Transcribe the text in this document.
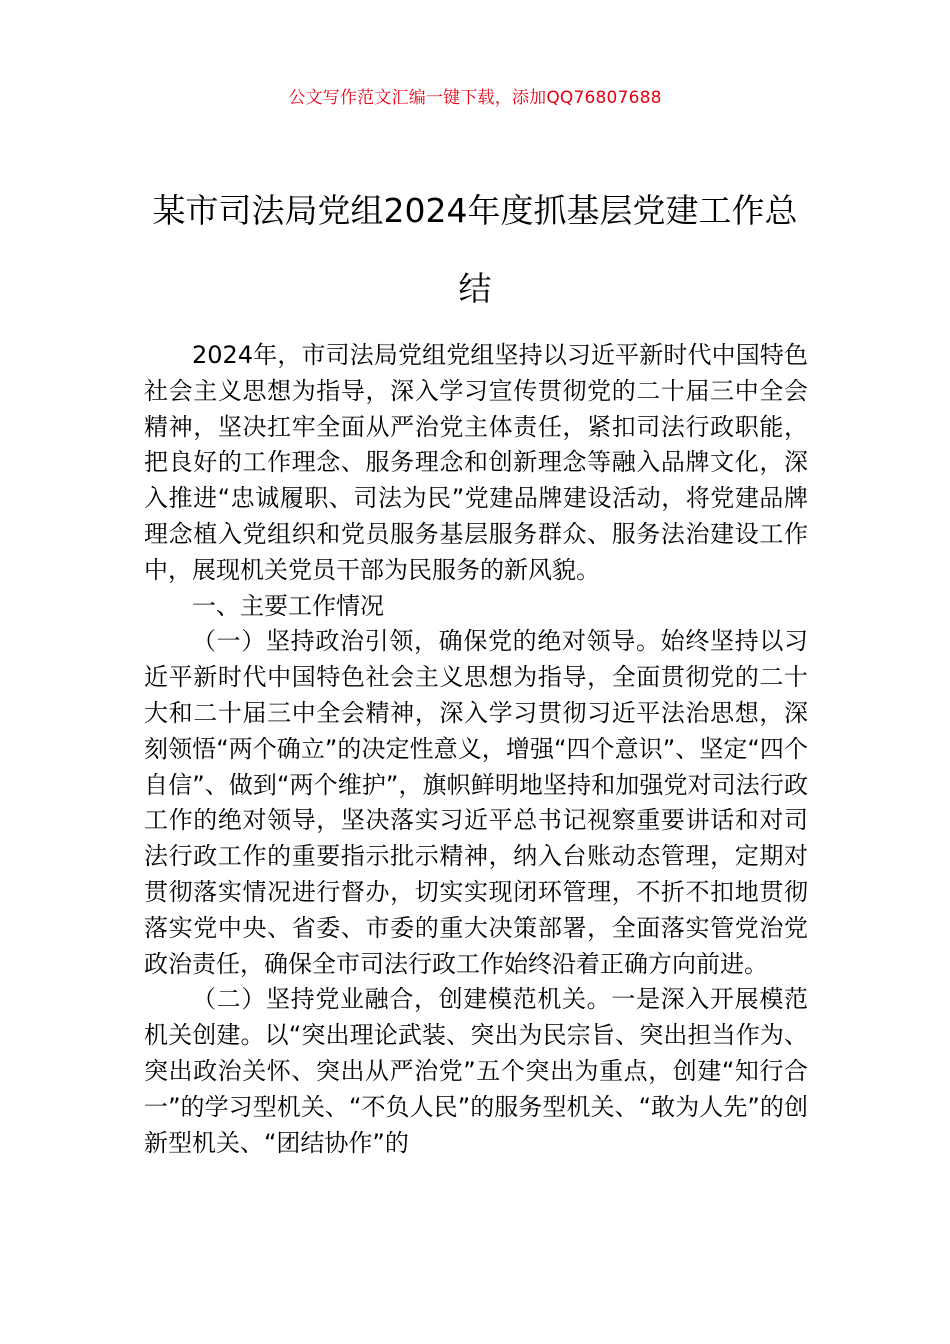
公文写作范文汇编一键下载，添加QQ76807688
某市司法局党组2024年度抓基层党建工作总结

2024年，市司法局党组党组坚持以习近平新时代中国特色社会主义思想为指导，深入学习宣传贯彻党的二十届三中全会精神，坚决扛牢全面从严治党主体责任，紧扣司法行政职能，把良好的工作理念、服务理念和创新理念等融入品牌文化，深入推进“忠诚履职、司法为民”党建品牌建设活动，将党建品牌理念植入党组织和党员服务基层服务群众、服务法治建设工作中，展现机关党员干部为民服务的新风貌。

一、主要工作情况

（一）坚持政治引领，确保党的绝对领导。始终坚持以习近平新时代中国特色社会主义思想为指导，全面贯彻党的二十大和二十届三中全会精神，深入学习贯彻习近平法治思想，深刻领悟“两个确立”的决定性意义，增强“四个意识”、坚定“四个自信”、做到“两个维护”，旗帜鲜明地坚持和加强党对司法行政工作的绝对领导，坚决落实习近平总书记视察重要讲话和对司法行政工作的重要指示批示精神，纳入台账动态管理，定期对贯彻落实情况进行督办，切实实现闭环管理，不折不扣地贯彻落实党中央、省委、市委的重大决策部署，全面落实管党治党政治责任，确保全市司法行政工作始终沿着正确方向前进。

（二）坚持党业融合，创建模范机关。一是深入开展模范机关创建。以“突出理论武装、突出为民宗旨、突出担当作为、突出政治关怀、突出从严治党”五个突出为重点，创建“知行合一”的学习型机关、“不负人民”的服务型机关、“敢为人先”的创新型机关、“团结协作”的
